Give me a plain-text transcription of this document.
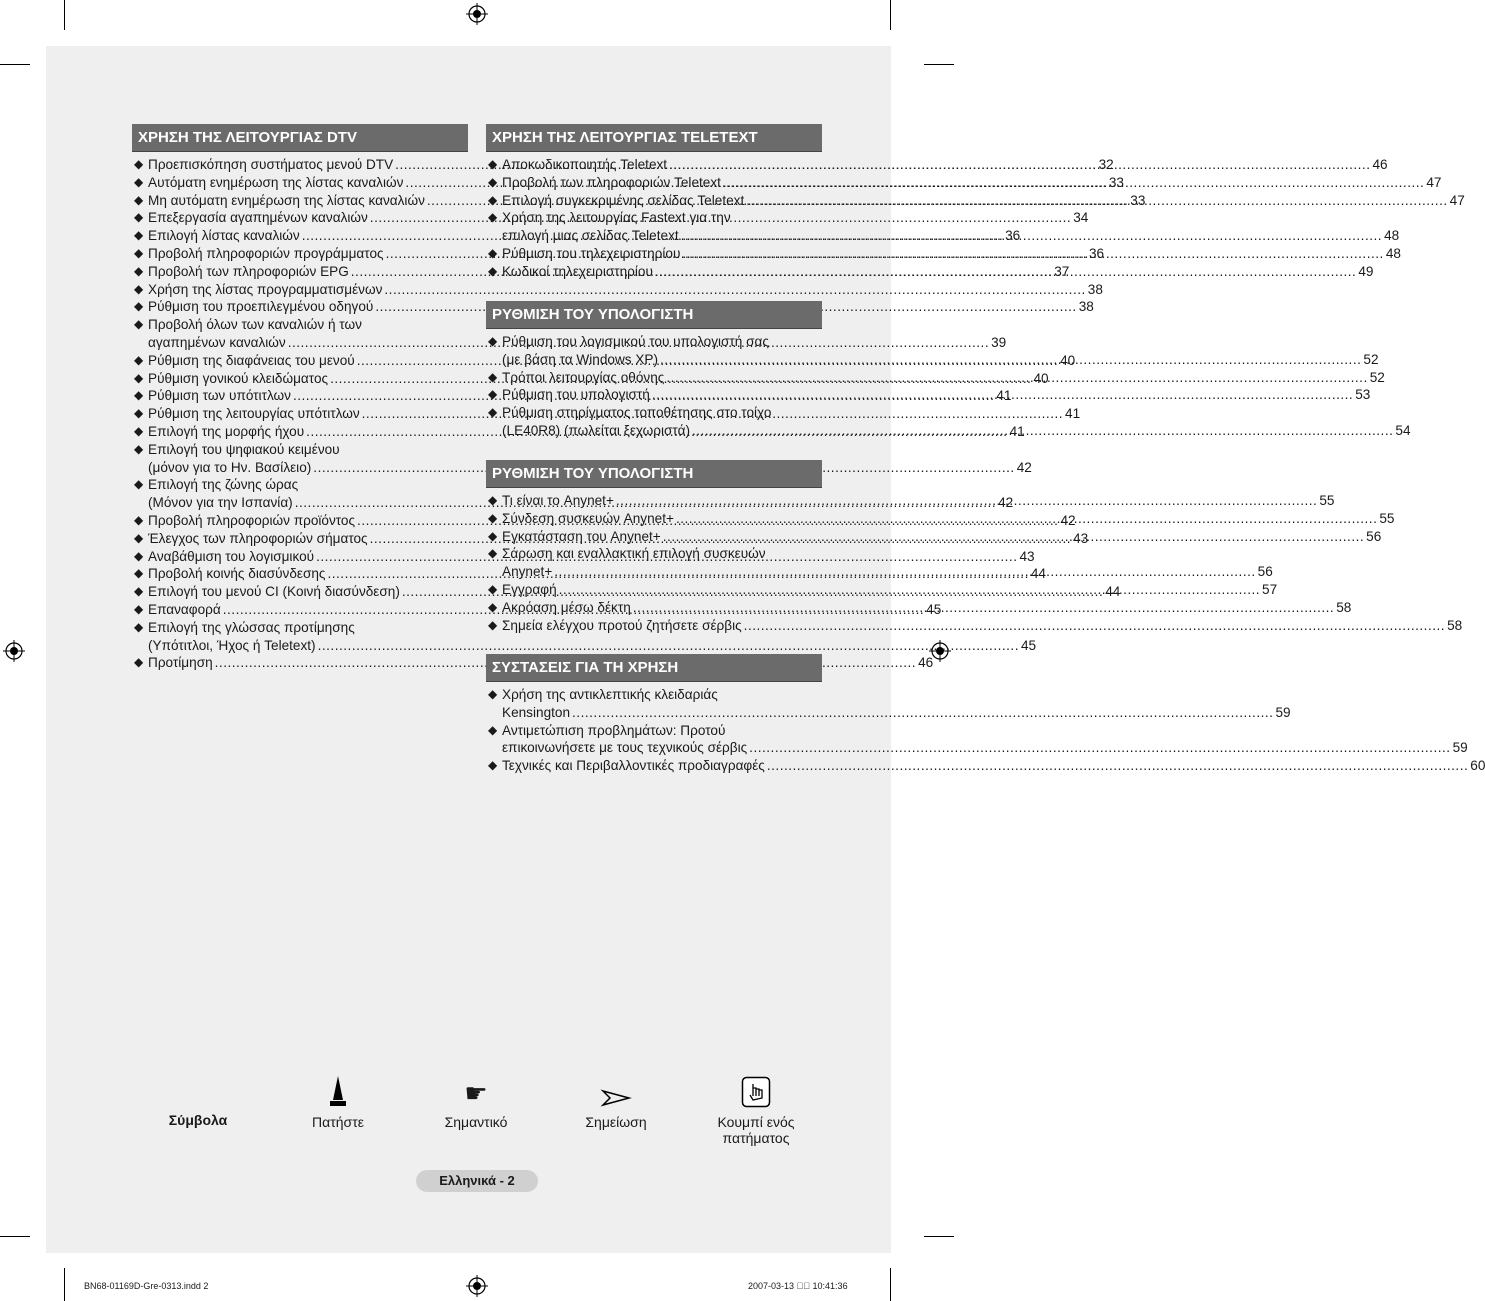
ΧΡΗΣΗ ΤΗΣ ΛΕΙΤΟΥΡΓΙΑΣ DTV
◆ Προεπισκόπηση συστήματος μενού DTV .....	32
◆ Αυτόματη ενημέρωση της λίστας καναλιών .....	33
◆ Μη αυτόματη ενημέρωση της λίστας καναλιών .....	33
◆ Επεξεργασία αγαπημένων καναλιών .....	34
◆ Επιλογή λίστας καναλιών .....	36
◆ Προβολή πληροφοριών προγράμματος .....	36
◆ Προβολή των πληροφοριών EPG .....	37
◆ Χρήση της λίστας προγραμματισμένων .....	38
◆ Ρύθμιση του προεπιλεγμένου οδηγού .....	38
◆ Προβολή όλων των καναλιών ή των
αγαπημένων καναλιών .....	39
◆ Ρύθμιση της διαφάνειας του μενού .....	40
◆ Ρύθμιση γονικού κλειδώματος .....	40
◆ Ρύθμιση των υπότιτλων .....	41
◆ Ρύθμιση της λειτουργίας υπότιτλων .....	41
◆ Επιλογή της μορφής ήχου .....	41
◆ Επιλογή του ψηφιακού κειμένου
(μόνον για το Ην. Βασίλειο) .....	42
◆ Επιλογή της ζώνης ώρας
(Μόνον για την Ισπανία) .....	42
◆ Προβολή πληροφοριών προϊόντος .....	42
◆ Έλεγχος των πληροφοριών σήματος .....	43
◆ Αναβάθμιση του λογισμικού .....	43
◆ Προβολή κοινής διασύνδεσης .....	44
◆ Επιλογή του μενού CI (Κοινή διασύνδεση) .....	44
◆ Επαναφορά .....	45
◆ Επιλογή της γλώσσας προτίμησης
(Υπότιτλοι, Ήχος ή Teletext) .....	45
◆ Προτίμηση .....	46
ΧΡΗΣΗ ΤΗΣ ΛΕΙΤΟΥΡΓΙΑΣ TELETEXT
◆ Αποκωδικοποιητής Teletext .....	46
◆ Προβολή των πληροφοριών Teletext .....	47
◆ Επιλογή συγκεκριμένης σελίδας Teletext .....	47
◆ Χρήση της λειτουργίας Fastext για την
επιλογή μιας σελίδας Teletext .....	48
◆ Ρύθμιση του τηλεχειριστηρίου .....	48
◆ Κωδικοί τηλεχειριστηρίου .....	49
ΡΥΘΜΙΣΗ ΤΟΥ ΥΠΟΛΟΓΙΣΤΗ
◆ Ρύθμιση του λογισμικού του υπολογιστή σας
(με βάση τα Windows XP) .....	52
◆ Τρόποι λειτουργίας οθόνης .....	52
◆ Ρύθμιση του υπολογιστή .....	53
◆ Ρύθμιση στηρίγματος τοποθέτησης στο τοίχο
(LE40R8) (πωλείται ξεχωριστά) .....	54
ΡΥΘΜΙΣΗ ΤΟΥ ΥΠΟΛΟΓΙΣΤΗ
◆ Τι είναι το Anynet+ .....	55
◆ Σύνδεση συσκευών Anynet+ .....	55
◆ Εγκατάσταση του Anynet+ .....	56
◆ Σάρωση και εναλλακτική επιλογή συσκευών
Anynet+ .....	56
◆ Εγγραφή .....	57
◆ Ακρόαση μέσω δέκτη .....	58
◆ Σημεία ελέγχου προτού ζητήσετε σέρβις .....	58
ΣΥΣΤΑΣΕΙΣ ΓΙΑ ΤΗ ΧΡΗΣΗ
◆ Χρήση της αντικλεπτικής κλειδαριάς
Kensington .....	59
◆ Αντιμετώπιση προβλημάτων: Προτού
επικοινωνήσετε με τους τεχνικούς σέρβις .....	59
◆ Τεχνικές και Περιβαλλοντικές προδιαγραφές .....	60
Σύμβολα	Πατήστε
☛
Σημαντικό	Σημείωση	Κουμπί ενός
πατήματος
Ελληνικά - 2
BN68-01169D-Gre-0313.indd 2	2007-03-13    10:41:36
